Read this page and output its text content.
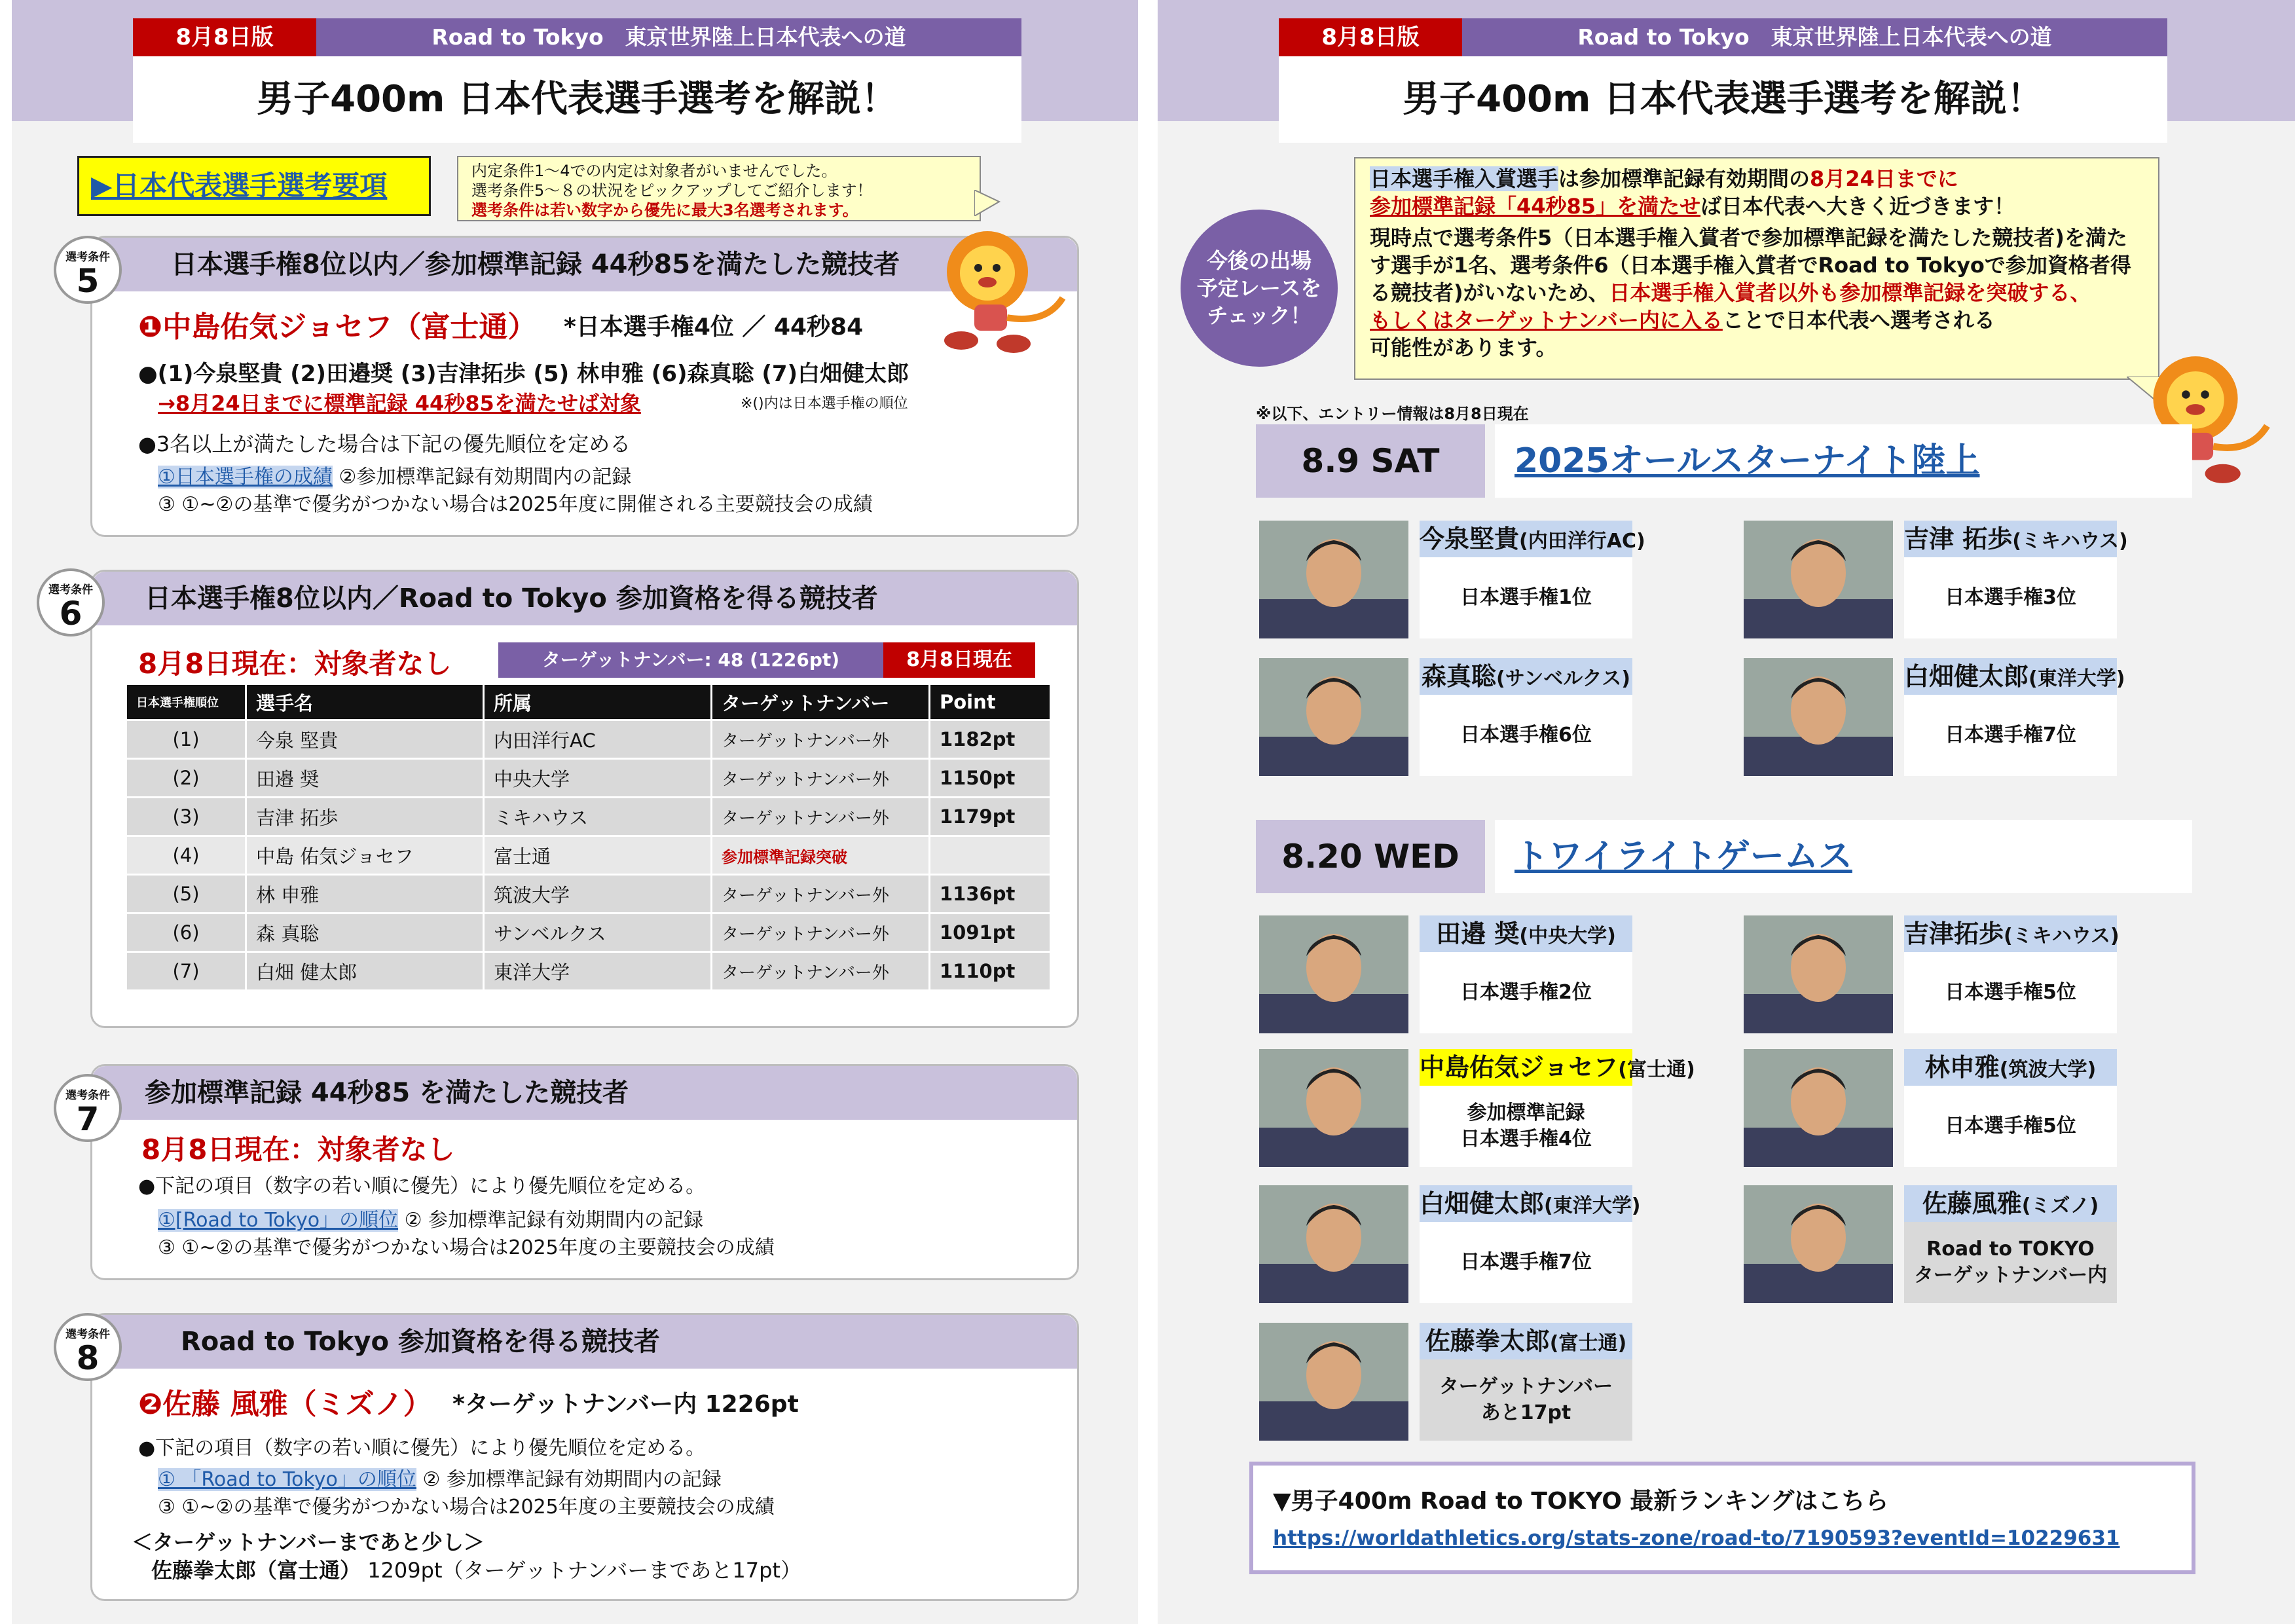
8月8日版	Road to Tokyo　東京世界陸上日本代表への道
男子400m 日本代表選手選考を解説！
▶日本代表選手選考要項	内定条件1～4での内定は対象者がいませんでした。
選考条件5～８の状況をピックアップしてご紹介します！
選考条件は若い数字から優先に最大3名選考されます。
日本選手権8位以内／参加標準記録 44秒85を満たした競技者
❶中島佑気ジョセフ（富士通） *日本選手権4位 ／ 44秒84
●(1)今泉堅貴 (2)田邉奨 (3)吉津拓歩 (5) 林申雅 (6)森真聡 (7)白畑健太郎
→8月24日までに標準記録 44秒85を満たせば対象	※()内は日本選手権の順位
●3名以上が満たした場合は下記の優先順位を定める
①日本選手権の成績 ②参加標準記録有効期間内の記録
③ ①~②の基準で優劣がつかない場合は2025年度に開催される主要競技会の成績
選考条件
5
日本選手権8位以内／Road to Tokyo 参加資格を得る競技者
8月8日現在：対象者なし	ターゲットナンバー: 48 (1226pt)	8月8日現在
日本選手権順位	選手名	所属	ターゲットナンバー	Point
(1)	今泉 堅貴	内田洋行AC	ターゲットナンバー外	1182pt
(2)	田邉 奨	中央大学	ターゲットナンバー外	1150pt
(3)	吉津 拓歩	ミキハウス	ターゲットナンバー外	1179pt
(4)	中島 佑気ジョセフ	富士通	参加標準記録突破	
(5)	林 申雅	筑波大学	ターゲットナンバー外	1136pt
(6)	森 真聡	サンベルクス	ターゲットナンバー外	1091pt
(7)	白畑 健太郎	東洋大学	ターゲットナンバー外	1110pt
選考条件
6
参加標準記録 44秒85 を満たした競技者
8月8日現在：対象者なし
●下記の項目（数字の若い順に優先）により優先順位を定める。
①[Road to Tokyo」の順位 ② 参加標準記録有効期間内の記録
③ ①~②の基準で優劣がつかない場合は2025年度の主要競技会の成績
選考条件
7
Road to Tokyo 参加資格を得る競技者
❷佐藤 風雅（ミズノ） *ターゲットナンバー内 1226pt
●下記の項目（数字の若い順に優先）により優先順位を定める。
① 「Road to Tokyo」の順位 ② 参加標準記録有効期間内の記録
③ ①~②の基準で優劣がつかない場合は2025年度の主要競技会の成績
＜ターゲットナンバーまであと少し＞
佐藤拳太郎（富士通） 1209pt（ターゲットナンバーまであと17pt）
選考条件
8
8月8日版	Road to Tokyo　東京世界陸上日本代表への道
男子400m 日本代表選手選考を解説！
今後の出場
予定レースを
チェック！
日本選手権入賞選手は参加標準記録有効期間の8月24日までに
参加標準記録「44秒85」を満たせば日本代表へ大きく近づきます！
現時点で選考条件5（日本選手権入賞者で参加標準記録を満たした競技者)を満た
す選手が1名、選考条件6（日本選手権入賞者でRoad to Tokyoで参加資格者得
る競技者)がいないため、日本選手権入賞者以外も参加標準記録を突破する、
もしくはターゲットナンバー内に入ることで日本代表へ選考される
可能性があります。
※以下、エントリー情報は8月8日現在
8.9 SAT	2025オールスターナイト陸上
今泉堅貴(内田洋行AC)
日本選手権1位
吉津 拓歩(ミキハウス)
日本選手権3位
森真聡(サンベルクス)
日本選手権6位
白畑健太郎(東洋大学)
日本選手権7位
8.20 WED	トワイライトゲームス
田邉 奨(中央大学)
日本選手権2位
吉津拓歩(ミキハウス)
日本選手権5位
中島佑気ジョセフ(富士通)
参加標準記録
日本選手権4位
林申雅(筑波大学)
日本選手権5位
白畑健太郎(東洋大学)
日本選手権7位
佐藤風雅(ミズノ)
Road to TOKYO
ターゲットナンバー内
佐藤拳太郎(富士通)
ターゲットナンバー
あと17pt
▼男子400m Road to TOKYO 最新ランキングはこちら
https://worldathletics.org/stats-zone/road-to/7190593?eventId=10229631
